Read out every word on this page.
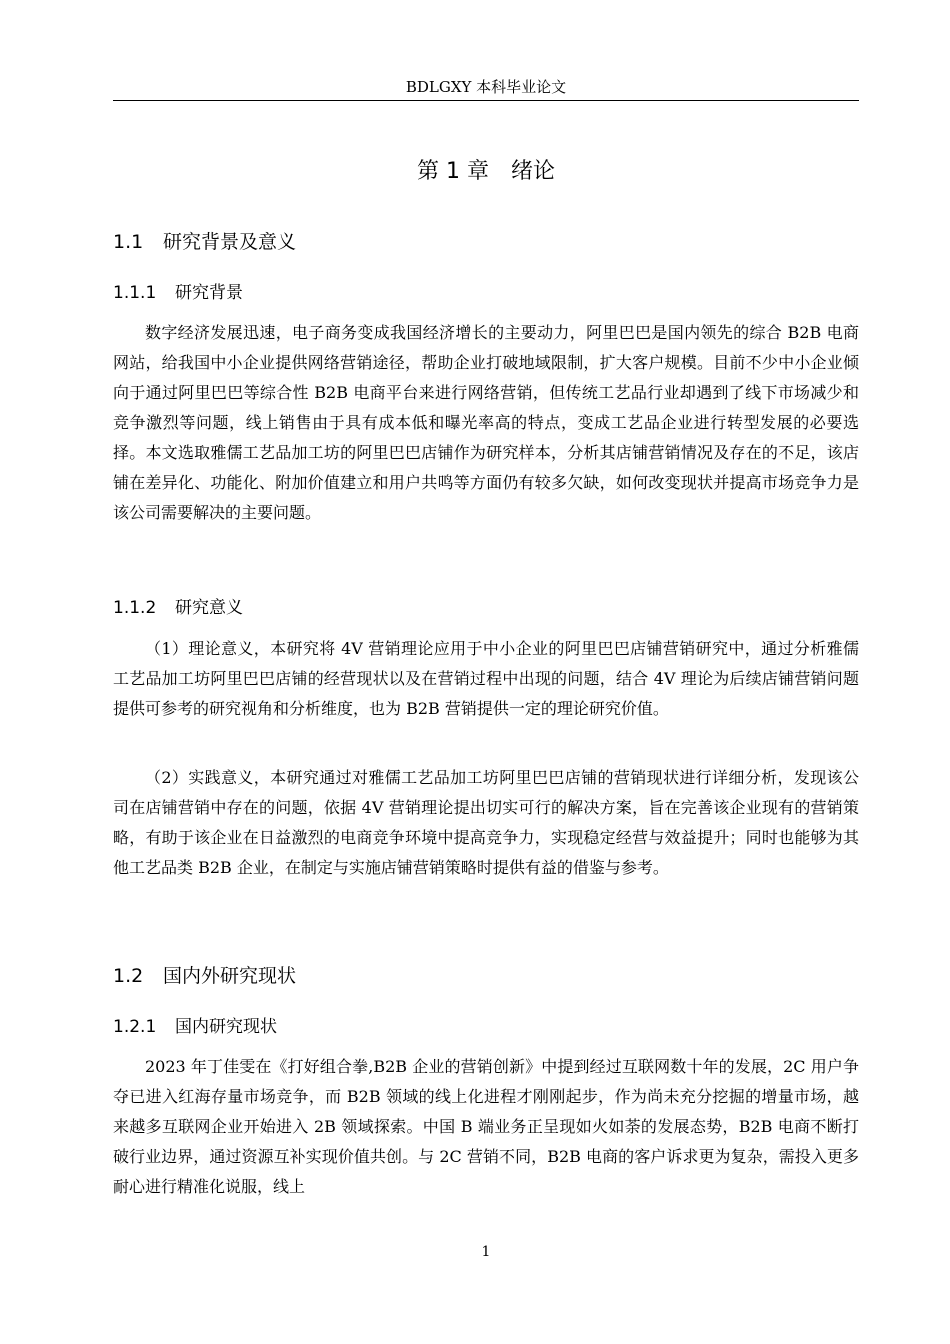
BDLGXY 本科毕业论文
第 1 章 绪论
1.1 研究背景及意义
1.1.1 研究背景

数字经济发展迅速，电子商务变成我国经济增长的主要动力，阿里巴巴是国内领先的综合 B2B 电商网站，给我国中小企业提供网络营销途径，帮助企业打破地域限制，扩大客户规模。目前不少中小企业倾向于通过阿里巴巴等综合性 B2B 电商平台来进行网络营销，但传统工艺品行业却遇到了线下市场减少和竞争激烈等问题，线上销售由于具有成本低和曝光率高的特点，变成工艺品企业进行转型发展的必要选择。本文选取雅儒工艺品加工坊的阿里巴巴店铺作为研究样本，分析其店铺营销情况及存在的不足，该店铺在差异化、功能化、附加价值建立和用户共鸣等方面仍有较多欠缺，如何改变现状并提高市场竞争力是该公司需要解决的主要问题。

1.1.2 研究意义

（1）理论意义，本研究将 4V 营销理论应用于中小企业的阿里巴巴店铺营销研究中，通过分析雅儒工艺品加工坊阿里巴巴店铺的经营现状以及在营销过程中出现的问题，结合 4V 理论为后续店铺营销问题提供可参考的研究视角和分析维度，也为 B2B 营销提供一定的理论研究价值。

（2）实践意义，本研究通过对雅儒工艺品加工坊阿里巴巴店铺的营销现状进行详细分析，发现该公司在店铺营销中存在的问题，依据 4V 营销理论提出切实可行的解决方案，旨在完善该企业现有的营销策略，有助于该企业在日益激烈的电商竞争环境中提高竞争力，实现稳定经营与效益提升；同时也能够为其他工艺品类 B2B 企业，在制定与实施店铺营销策略时提供有益的借鉴与参考。

1.2 国内外研究现状
1.2.1 国内研究现状

2023 年丁佳雯在《打好组合拳,B2B 企业的营销创新》中提到经过互联网数十年的发展，2C 用户争夺已进入红海存量市场竞争，而 B2B 领域的线上化进程才刚刚起步，作为尚未充分挖掘的增量市场，越来越多互联网企业开始进入 2B 领域探索。中国 B 端业务正呈现如火如荼的发展态势，B2B 电商不断打破行业边界，通过资源互补实现价值共创。与 2C 营销不同，B2B 电商的客户诉求更为复杂，需投入更多耐心进行精准化说服，线上

1
